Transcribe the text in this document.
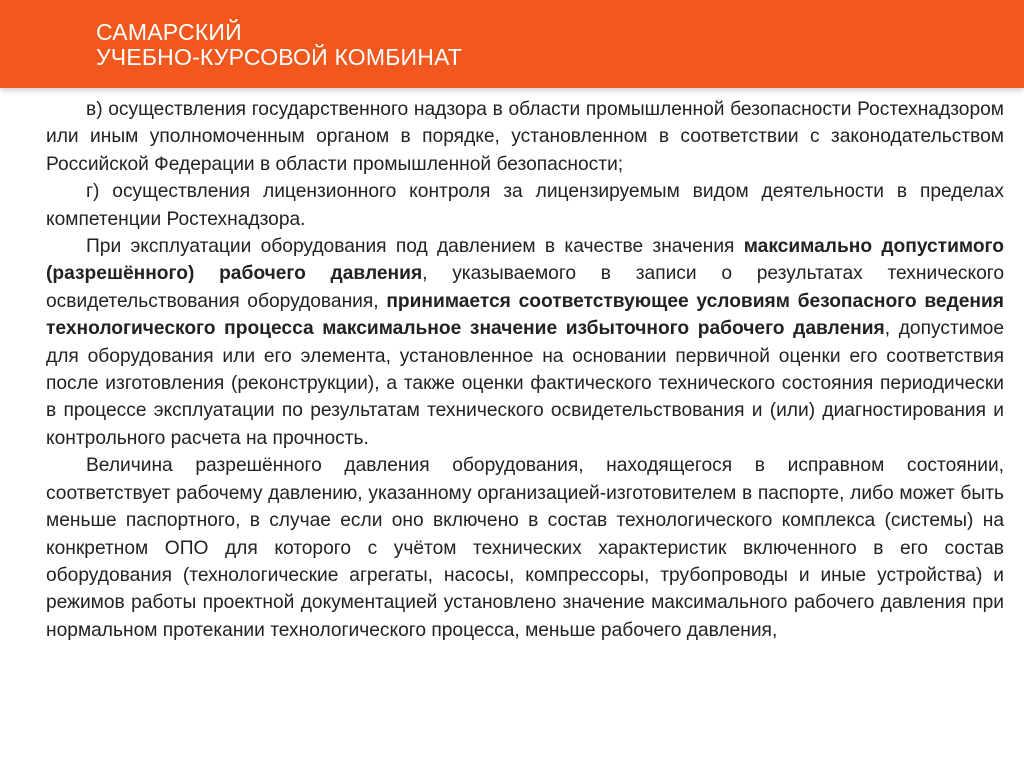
САМАРСКИЙ
УЧЕБНО-КУРСОВОЙ КОМБИНАТ

в) осуществления государственного надзора в области промышленной безопасности Ростехнадзором или иным уполномоченным органом в порядке, установленном в соответствии с законодательством Российской Федерации в области промышленной безопасности;

г) осуществления лицензионного контроля за лицензируемым видом деятельности в пределах компетенции Ростехнадзора.

При эксплуатации оборудования под давлением в качестве значения максимально допустимого (разрешённого) рабочего давления, указываемого в записи о результатах технического освидетельствования оборудования, принимается соответствующее условиям безопасного ведения технологического процесса максимальное значение избыточного рабочего давления, допустимое для оборудования или его элемента, установленное на основании первичной оценки его соответствия после изготовления (реконструкции), а также оценки фактического технического состояния периодически в процессе эксплуатации по результатам технического освидетельствования и (или) диагностирования и контрольного расчета на прочность.

Величина разрешённого давления оборудования, находящегося в исправном состоянии, соответствует рабочему давлению, указанному организацией-изготовителем в паспорте, либо может быть меньше паспортного, в случае если оно включено в состав технологического комплекса (системы) на конкретном ОПО для которого с учётом технических характеристик включенного в его состав оборудования (технологические агрегаты, насосы, компрессоры, трубопроводы и иные устройства) и режимов работы проектной документацией установлено значение максимального рабочего давления при нормальном протекании технологического процесса, меньше рабочего давления,
